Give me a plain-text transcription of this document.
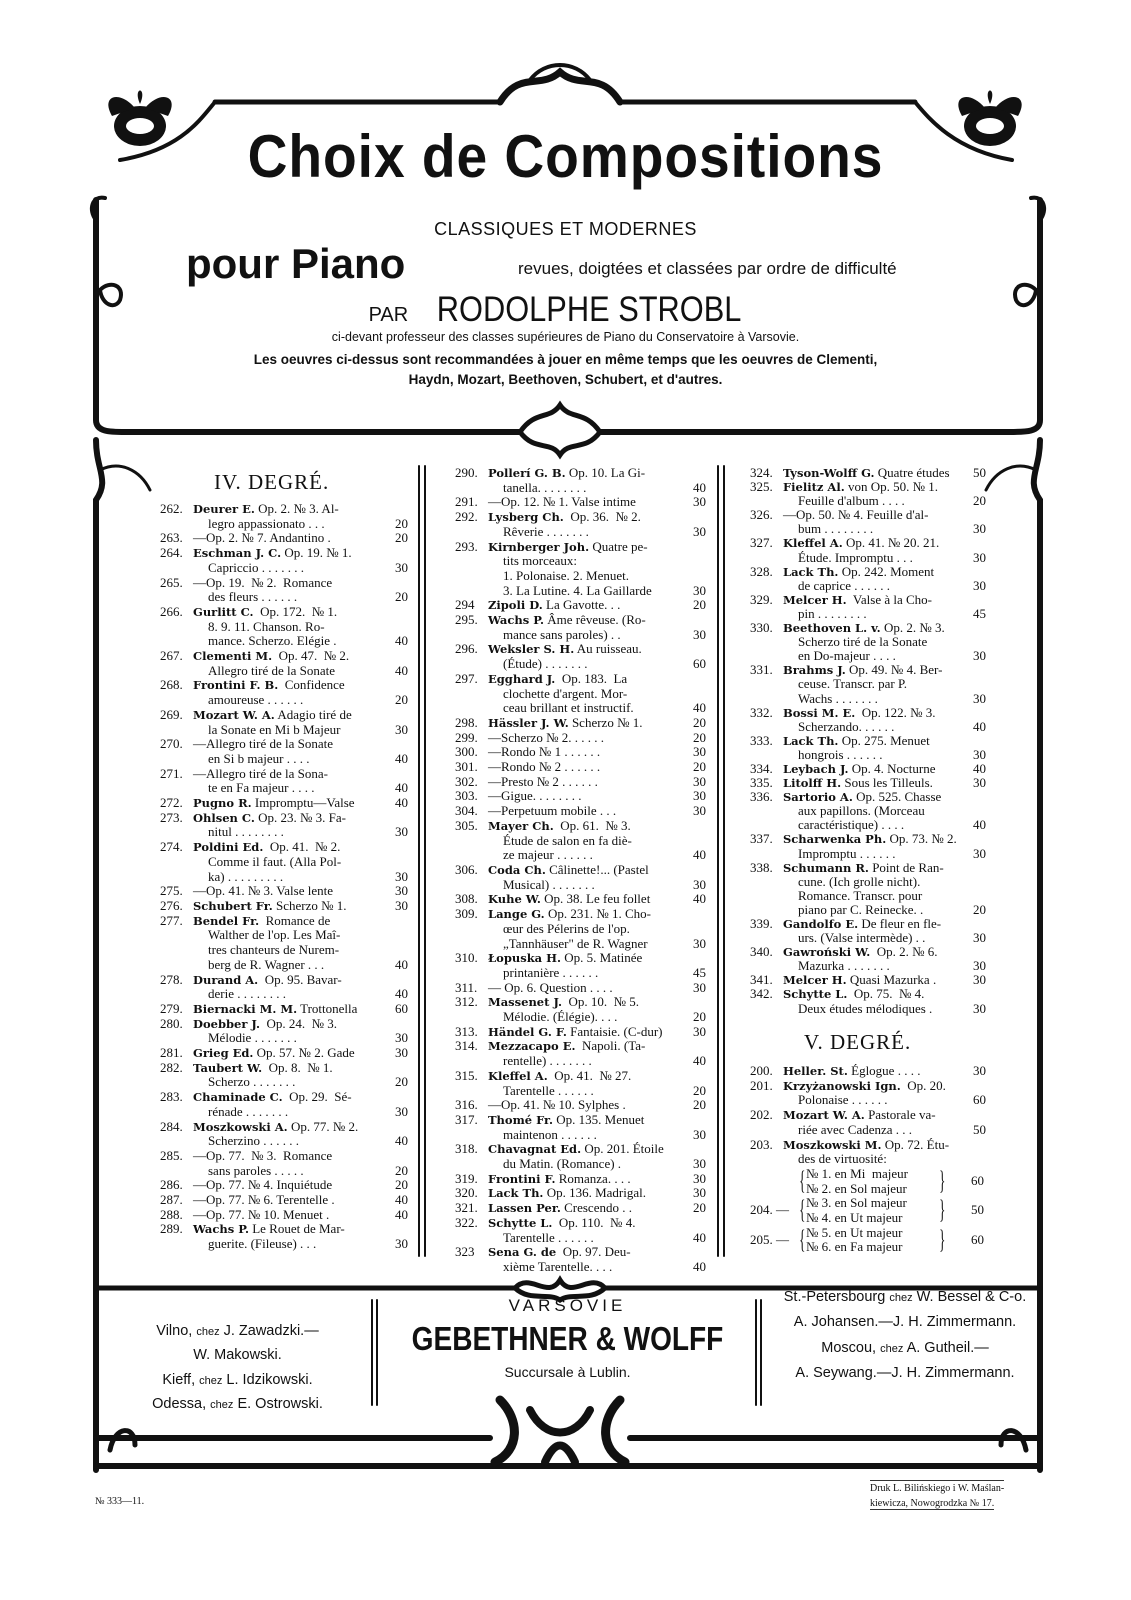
Choix de Compositions
CLASSIQUES ET MODERNES
pour Piano	revues, doigtées et classées par ordre de difficulté
PAR RODOLPHE STROBL
ci-devant professeur des classes supérieures de Piano du Conservatoire à Varsovie.
Les oeuvres ci-dessus sont recommandées à jouer en même temps que les oeuvres de Clementi,
Haydn, Mozart, Beethoven, Schubert, et d'autres.
IV. DEGRÉ.
262. Deurer E. Op. 2. № 3. Al-
legro appassionato . . .	20
263. —Op. 2. № 7. Andantino .	20
264. Eschman J. C. Op. 19. № 1.
Capriccio . . . . . . .	30
265. —Op. 19.  № 2.  Romance
des fleurs . . . . . .	20
266. Gurlitt C.  Op. 172.  № 1.
8. 9. 11. Chanson. Ro-
mance. Scherzo. Elégie .	40
267. Clementi M.  Op. 47.  № 2.
Allegro tiré de la Sonate	40
268. Frontini F. B.  Confidence
amoureuse . . . . . .	20
269. Mozart W. A. Adagio tiré de
la Sonate en Mi b Majeur	30
270. —Allegro tiré de la Sonate
en Si b majeur . . . .	40
271. —Allegro tiré de la Sona-
te en Fa majeur . . . .	40
272. Pugno R. Impromptu—Valse	40
273. Ohlsen C. Op. 23. № 3. Fa-
nitul . . . . . . . .	30
274. Poldini Ed.  Op. 41.  № 2.
Comme il faut. (Alla Pol-
ka) . . . . . . . . .	30
275. —Op. 41. № 3. Valse lente	30
276. Schubert Fr. Scherzo № 1.	30
277. Bendel Fr.  Romance de
Walther de l'op. Les Maî-
tres chanteurs de Nurem-
berg de R. Wagner . . .	40
278. Durand A.  Op. 95. Bavar-
derie . . . . . . . .	40
279. Biernacki M. M. Trottonella	60
280. Doebber J.  Op. 24.  № 3.
Mélodie . . . . . . .	30
281. Grieg Ed. Op. 57. № 2. Gade	30
282. Taubert W.  Op. 8.  № 1.
Scherzo . . . . . . .	20
283. Chaminade C.  Op. 29.  Sé-
rénade . . . . . . .	30
284. Moszkowski A. Op. 77. № 2.
Scherzino . . . . . .	40
285. —Op. 77.  № 3.  Romance
sans paroles . . . . .	20
286. —Op. 77. № 4. Inquiétude	20
287. —Op. 77. № 6. Terentelle .	40
288. —Op. 77. № 10. Menuet .	40
289. Wachs P. Le Rouet de Mar-
guerite. (Fileuse) . . .	30
290. Pollerí G. B. Op. 10. La Gi-
tanella. . . . . . . .	40
291. —Op. 12. № 1. Valse intime	30
292. Lysberg Ch.  Op. 36.  № 2.
Rêverie . . . . . . .	30
293. Kirnberger Joh. Quatre pe-
tits morceaux:
1. Polonaise. 2. Menuet.
3. La Lutine. 4. La Gaillarde	30
294 Zipoli D. La Gavotte. . .	20
295. Wachs P. Âme rêveuse. (Ro-
mance sans paroles) . .	30
296. Weksler S. H. Au ruisseau.
(Étude) . . . . . . .	60
297. Egghard J.  Op. 183.  La
clochette d'argent. Mor-
ceau brillant et instructif.	40
298. Hässler J. W. Scherzo № 1.	20
299. —Scherzo № 2. . . . . .	20
300. —Rondo № 1 . . . . . .	30
301. —Rondo № 2 . . . . . .	20
302. —Presto № 2 . . . . . .	30
303. —Gigue. . . . . . . .	30
304. —Perpetuum mobile . . .	30
305. Mayer Ch.  Op. 61.  № 3.
Étude de salon en fa diè-
ze majeur . . . . . .	40
306. Coda Ch. Câlinette!... (Pastel
Musical) . . . . . . .	30
308. Kuhe W. Op. 38. Le feu follet	40
309. Lange G. Op. 231. № 1. Cho-
œur des Pélerins de l'op.
„Tannhäuser" de R. Wagner	30
310. Łopuska H. Op. 5. Matinée
printanière . . . . . .	45
311. — Op. 6. Question . . . .	30
312. Massenet J.  Op. 10.  № 5.
Mélodie. (Élégie). . . .	20
313. Händel G. F. Fantaisie. (C-dur)	30
314. Mezzacapo E.  Napoli. (Ta-
rentelle) . . . . . . .	40
315. Kleffel A.  Op. 41.  № 27.
Tarentelle . . . . . .	20
316. —Op. 41. № 10. Sylphes .	20
317. Thomé Fr. Op. 135. Menuet
maintenon . . . . . .	30
318. Chavagnat Ed. Op. 201. Étoile
du Matin. (Romance) .	30
319. Frontini F. Romanza. . . .	30
320. Lack Th. Op. 136. Madrigal.	30
321. Lassen Per. Crescendo . .	20
322. Schytte L.  Op. 110.  № 4.
Tarentelle . . . . . .	40
323 Sena G. de  Op. 97. Deu-
xième Tarentelle. . . .	40
324. Tyson-Wolff G. Quatre études	50
325. Fielitz Al. von Op. 50. № 1.
Feuille d'album . . . .	20
326. —Op. 50. № 4. Feuille d'al-
bum . . . . . . . .	30
327. Kleffel A. Op. 41. № 20. 21.
Étude. Impromptu . . .	30
328. Lack Th. Op. 242. Moment
de caprice . . . . . .	30
329. Melcer H.  Valse à la Cho-
pin . . . . . . . .	45
330. Beethoven L. v. Op. 2. № 3.
Scherzo tiré de la Sonate
en Do-majeur . . . .	30
331. Brahms J. Op. 49. № 4. Ber-
ceuse. Transcr. par P.
Wachs . . . . . . .	30
332. Bossi M. E.  Op. 122. № 3.
Scherzando. . . . . .	40
333. Lack Th. Op. 275. Menuet
hongrois . . . . . .	30
334. Leybach J. Op. 4. Nocturne	40
335. Litolff H. Sous les Tilleuls.	30
336. Sartorio A. Op. 525. Chasse
aux papillons. (Morceau
caractéristique) . . . .	40
337. Scharwenka Ph. Op. 73. № 2.
Impromptu . . . . . .	30
338. Schumann R. Point de Ran-
cune. (Ich grolle nicht).
Romance. Transcr. pour
piano par C. Reinecke. .	20
339. Gandolfo E. De fleur en fle-
urs. (Valse intermède) . .	30
340. Gawroński W.  Op. 2. № 6.
Mazurka . . . . . . .	30
341. Melcer H. Quasi Mazurka .	30
342. Schytte L.  Op. 75.  № 4.
Deux études mélodiques .	30
V. DEGRÉ.
200. Heller. St. Églogue . . . .	30
201. Krzyżanowski Ign.  Op. 20.
Polonaise . . . . . .	60
202. Mozart W. A. Pastorale va-
riée avec Cadenza . . .	50
203. Moszkowski M. Op. 72. Étu-
des de virtuosité:
{ № 1. en Mi  majeur
№ 2. en Sol majeur } 60
204. — { № 3. en Sol majeur
№ 4. en Ut majeur } 50
205. — { № 5. en Ut majeur
№ 6. en Fa majeur } 60
Vilno, chez J. Zawadzki.—
W. Makowski.
Kieff, chez L. Idzikowski.
Odessa, chez E. Ostrowski.
VARSOVIE
GEBETHNER & WOLFF
Succursale à Lublin.
St.-Petersbourg chez W. Bessel & C-o.
A. Johansen.—J. H. Zimmermann.
Moscou, chez A. Gutheil.—
A. Seywang.—J. H. Zimmermann.
№ 333—11.
Druk L. Bilińskiego i W. Maślan-
kiewicza, Nowogrodzka № 17.
